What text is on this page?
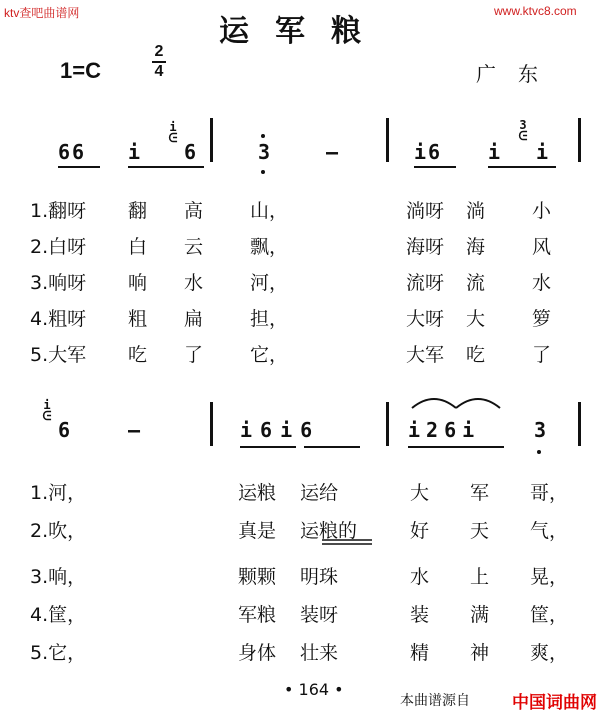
ktv查吧曲谱网	www.ktvc8.com
运军粮
1=C
2
4	广东
66 i 6
i
ᕮ
3	—	i6 i
3
ᕮ
i
1.翻呀 翻 高 山，	淌呀 淌 小
2.白呀 白 云 飘，	海呀 海 风
3.响呀 响 水 河，	流呀 流 水
4.粗呀 粗 扁 担，	大呀 大 箩
5.大军 吃 了 它，	大军 吃 了
i
ᕮ
6	—	i6i6	i26i	3
1.河，	运粮 运给	大 军 哥，
2.吹，	真是 运粮的	好 天 气，
3.响，	颗颗 明珠	水 上 晃，
4.筐，	军粮 装呀	装 满 筐，
5.它，	身体 壮来	精 神 爽，
• 164 •
本曲谱源自 中国词曲网
